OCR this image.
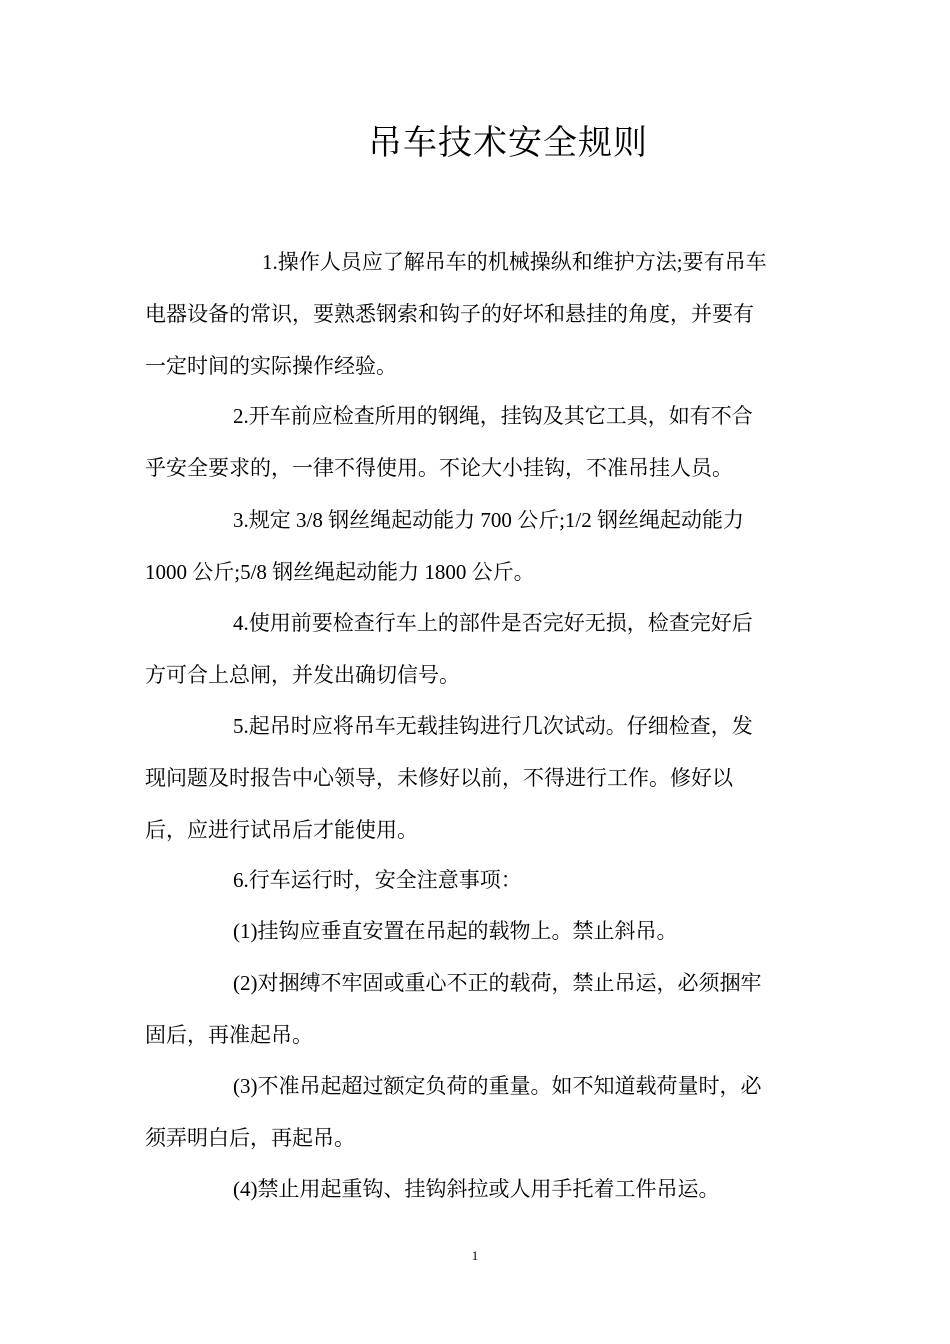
吊车技术安全规则
1.操作人员应了解吊车的机械操纵和维护方法;要有吊车
电器设备的常识，要熟悉钢索和钩子的好坏和悬挂的角度，并要有
一定时间的实际操作经验。
2.开车前应检查所用的钢绳，挂钩及其它工具，如有不合
乎安全要求的，一律不得使用。不论大小挂钩，不准吊挂人员。
3.规定 3/8 钢丝绳起动能力 700 公斤;1/2 钢丝绳起动能力
1000 公斤;5/8 钢丝绳起动能力 1800 公斤。
4.使用前要检查行车上的部件是否完好无损，检查完好后
方可合上总闸，并发出确切信号。
5.起吊时应将吊车无载挂钩进行几次试动。仔细检查，发
现问题及时报告中心领导，未修好以前，不得进行工作。修好以
后，应进行试吊后才能使用。
6.行车运行时，安全注意事项：
(1)挂钩应垂直安置在吊起的载物上。禁止斜吊。
(2)对捆缚不牢固或重心不正的载荷，禁止吊运，必须捆牢
固后，再准起吊。
(3)不准吊起超过额定负荷的重量。如不知道载荷量时，必
须弄明白后，再起吊。
(4)禁止用起重钩、挂钩斜拉或人用手托着工件吊运。
1
